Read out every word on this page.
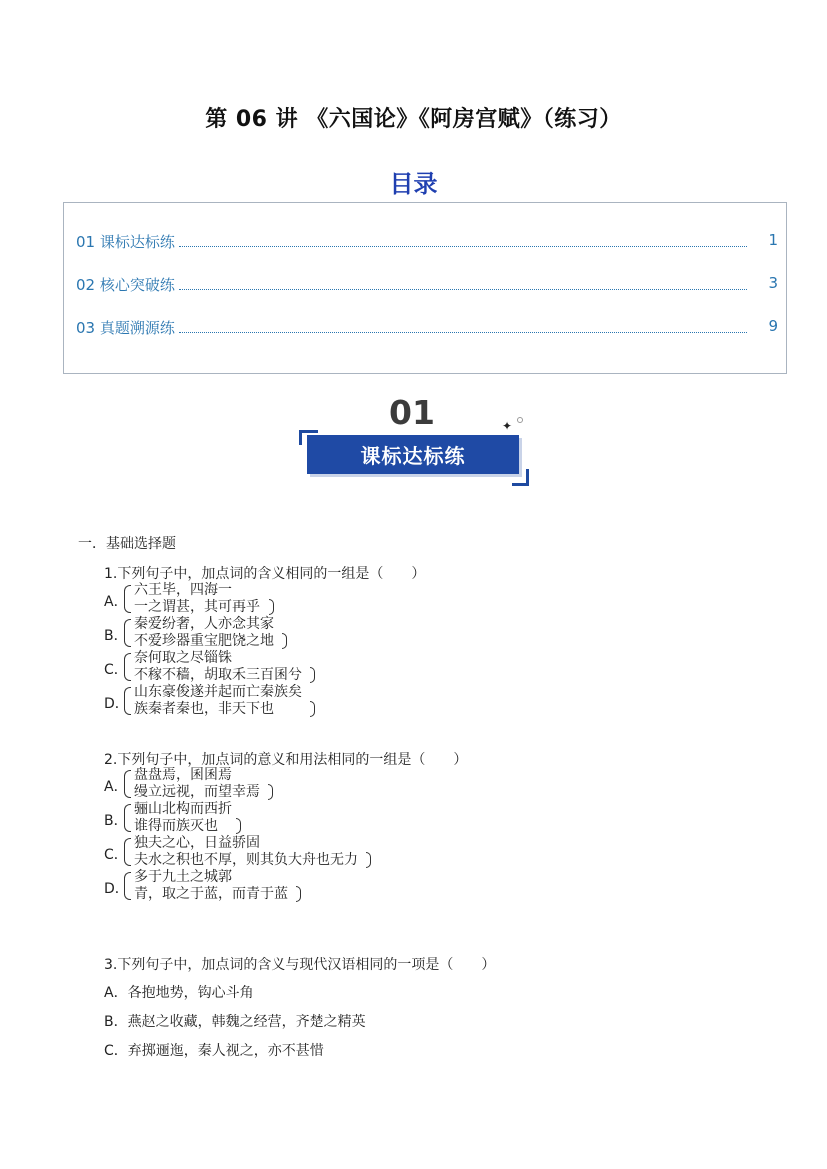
第 06 讲 《六国论》《阿房宫赋》（练习）
目录
01 课标达标练	1
02 核心突破练	3
03 真题溯源练	9
01	✦
课标达标练
一．基础选择题
1.下列句子中，加点词的含义相同的一组是（　　）
A．
六王毕，四海一
一之谓甚，其可再乎
B．
秦爱纷奢，人亦念其家
不爱珍器重宝肥饶之地
C．
奈何取之尽锱铢
不稼不穑，胡取禾三百囷兮
D．
山东豪俊遂并起而亡秦族矣
族秦者秦也，非天下也
2.下列句子中，加点词的意义和用法相同的一组是（　　）
A．
盘盘焉，囷囷焉
缦立远视，而望幸焉
B．
骊山北构而西折
谁得而族灭也
C．
独夫之心，日益骄固
夫水之积也不厚，则其负大舟也无力
D．
多于九土之城郭
青，取之于蓝，而青于蓝
3.下列句子中，加点词的含义与现代汉语相同的一项是（　　）
A．各抱地势，钩心斗角
B．燕赵之收藏，韩魏之经营，齐楚之精英
C．弃掷逦迤，秦人视之，亦不甚惜
